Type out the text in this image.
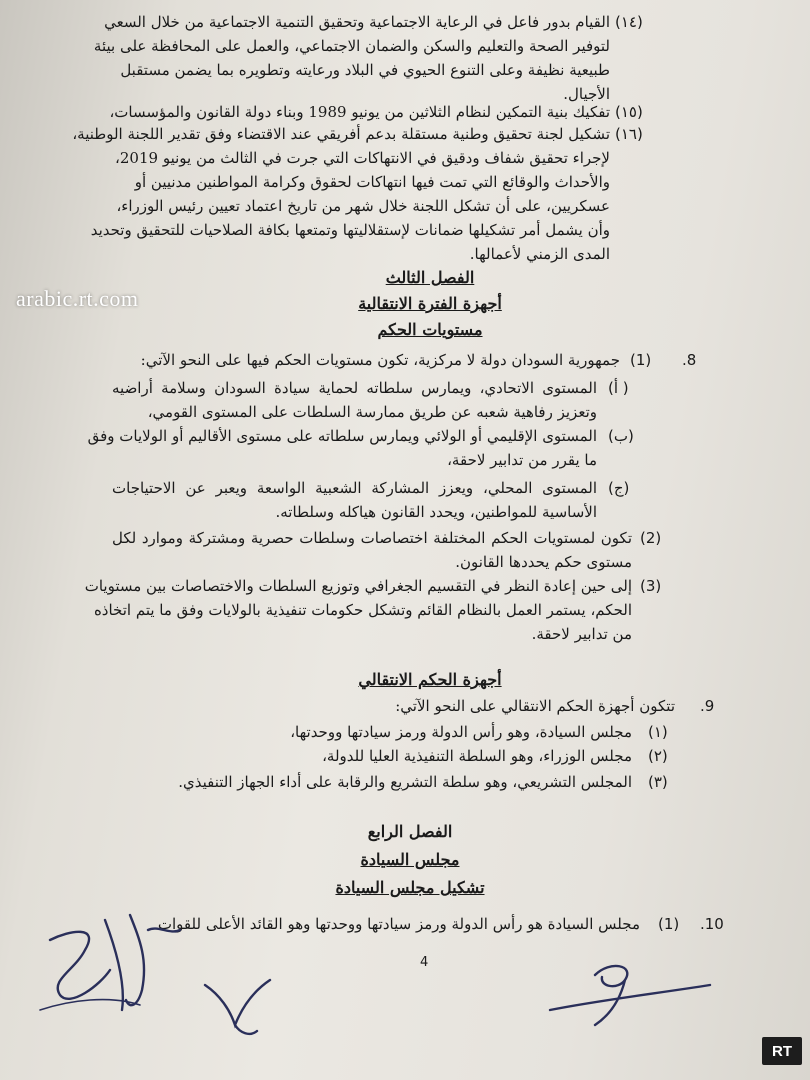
(١٤)
القيام بدور فاعل في الرعاية الاجتماعية وتحقيق التنمية الاجتماعية من خلال السعي
لتوفير الصحة والتعليم والسكن والضمان الاجتماعي، والعمل على المحافظة على بيئة
طبيعية نظيفة وعلى التنوع الحيوي في البلاد ورعايته وتطويره بما يضمن مستقبل
الأجيال.
(١٥)
تفكيك بنية التمكين لنظام الثلاثين من يونيو 1989 وبناء دولة القانون والمؤسسات،
(١٦)
تشكيل لجنة تحقيق وطنية مستقلة بدعم أفريقي عند الاقتضاء وفق تقدير اللجنة الوطنية،
لإجراء تحقيق شفاف ودقيق في الانتهاكات التي جرت في الثالث من يونيو 2019،
والأحداث والوقائع التي تمت فيها انتهاكات لحقوق وكرامة المواطنين مدنيين أو
عسكريين، على أن تشكل اللجنة خلال شهر من تاريخ اعتماد تعيين رئيس الوزراء،
وأن يشمل أمر تشكيلها ضمانات لإستقلاليتها وتمتعها بكافة الصلاحيات للتحقيق وتحديد
المدى الزمني لأعمالها.
الفصل الثالث
أجهزة الفترة الانتقالية
مستويات الحكم
arabic.rt.com
.8
(1)
جمهورية السودان دولة لا مركزية، تكون مستويات الحكم فيها على النحو الآتي:
(أ )
المستوى الاتحادي، ويمارس سلطاته لحماية سيادة السودان وسلامة أراضيه
وتعزيز رفاهية شعبه عن طريق ممارسة السلطات على المستوى القومي،
(ب)
المستوى الإقليمي أو الولائي ويمارس سلطاته على مستوى الأقاليم أو الولايات وفق
ما يقرر من تدابير لاحقة،
(ج)
المستوى المحلي، ويعزز المشاركة الشعبية الواسعة ويعبر عن الاحتياجات
الأساسية للمواطنين، ويحدد القانون هياكله وسلطاته.
(2)
تكون لمستويات الحكم المختلفة اختصاصات وسلطات حصرية ومشتركة وموارد لكل
مستوى حكم يحددها القانون.
(3)
إلى حين إعادة النظر في التقسيم الجغرافي وتوزيع السلطات والاختصاصات بين مستويات
الحكم، يستمر العمل بالنظام القائم وتشكل حكومات تنفيذية بالولايات وفق ما يتم اتخاذه
من تدابير لاحقة.
أجهزة الحكم الانتقالي
.9
تتكون أجهزة الحكم الانتقالي على النحو الآتي:
(١)
مجلس السيادة، وهو رأس الدولة ورمز سيادتها ووحدتها،
(٢)
مجلس الوزراء، وهو السلطة التنفيذية العليا للدولة،
(٣)
المجلس التشريعي، وهو سلطة التشريع والرقابة على أداء الجهاز التنفيذي.
الفصل الرابع
مجلس السيادة
تشكيل مجلس السيادة
.10
(1)
مجلس السيادة هو رأس الدولة ورمز سيادتها ووحدتها وهو القائد الأعلى للقوات
4
RT
